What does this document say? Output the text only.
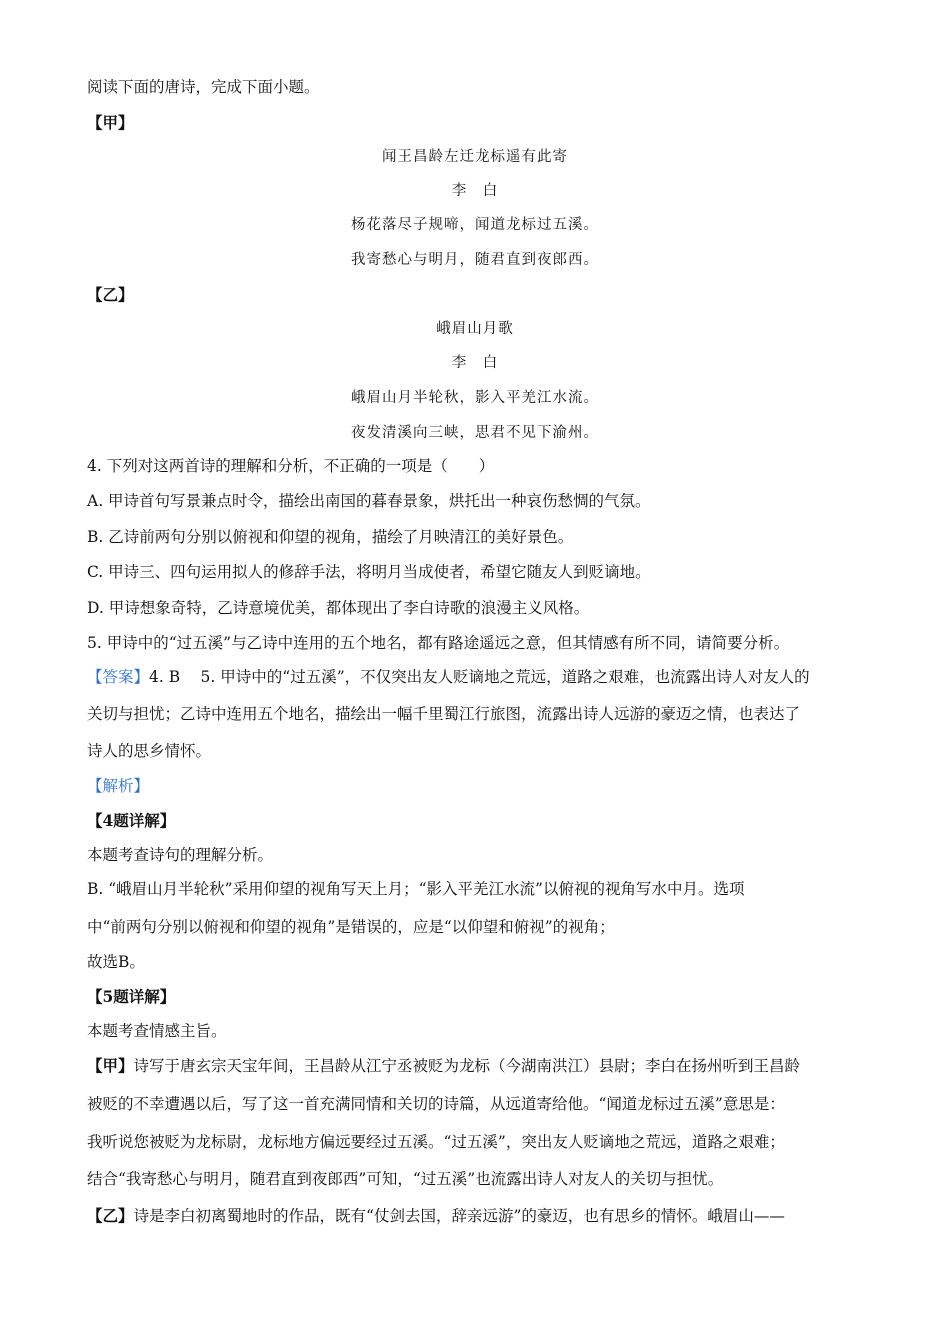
阅读下面的唐诗，完成下面小题。
【甲】
闻王昌龄左迁龙标遥有此寄
李　白
杨花落尽子规啼，闻道龙标过五溪。
我寄愁心与明月，随君直到夜郎西。
【乙】
峨眉山月歌
李　白
峨眉山月半轮秋，影入平羌江水流。
夜发清溪向三峡，思君不见下渝州。
4. 下列对这两首诗的理解和分析，不正确的一项是（　　）
A. 甲诗首句写景兼点时令，描绘出南国的暮春景象，烘托出一种哀伤愁惆的气氛。
B. 乙诗前两句分别以俯视和仰望的视角，描绘了月映清江的美好景色。
C. 甲诗三、四句运用拟人的修辞手法，将明月当成使者，希望它随友人到贬谪地。
D. 甲诗想象奇特，乙诗意境优美，都体现出了李白诗歌的浪漫主义风格。
5. 甲诗中的“过五溪”与乙诗中连用的五个地名，都有路途遥远之意，但其情感有所不同，请简要分析。
【答案】4. B　 5. 甲诗中的“过五溪”，不仅突出友人贬谪地之荒远，道路之艰难，也流露出诗人对友人的
关切与担忧；乙诗中连用五个地名，描绘出一幅千里蜀江行旅图，流露出诗人远游的豪迈之情，也表达了
诗人的思乡情怀。
【解析】
【4题详解】
本题考查诗句的理解分析。
B. “峨眉山月半轮秋”采用仰望的视角写天上月；“影入平羌江水流”以俯视的视角写水中月。选项
中“前两句分别以俯视和仰望的视角”是错误的，应是“以仰望和俯视”的视角；
故选B。
【5题详解】
本题考查情感主旨。
【甲】诗写于唐玄宗天宝年间，王昌龄从江宁丞被贬为龙标（今湖南洪江）县尉；李白在扬州听到王昌龄
被贬的不幸遭遇以后，写了这一首充满同情和关切的诗篇，从远道寄给他。“闻道龙标过五溪”意思是：
我听说您被贬为龙标尉，龙标地方偏远要经过五溪。“过五溪”，突出友人贬谪地之荒远，道路之艰难；
结合“我寄愁心与明月，随君直到夜郎西”可知，“过五溪”也流露出诗人对友人的关切与担忧。
【乙】诗是李白初离蜀地时的作品，既有“仗剑去国，辞亲远游”的豪迈，也有思乡的情怀。峨眉山——
